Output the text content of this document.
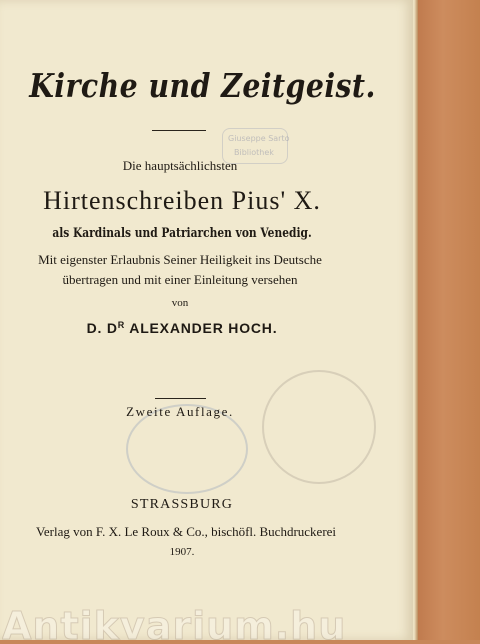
Giuseppe Sarto
Bibliothek
Kirche und Zeitgeist.
Die hauptsächlichsten
Hirtenschreiben Pius' X.
als Kardinals und Patriarchen von Venedig.
Mit eigenster Erlaubnis Seiner Heiligkeit ins Deutsche
übertragen und mit einer Einleitung versehen
von
D. $D^R$ ALEXANDER HOCH.
Zweite Auflage.
STRASSBURG
Verlag von F. X. Le Roux & Co., bischöfl. Buchdruckerei
1907.
Antikvarium.hu
